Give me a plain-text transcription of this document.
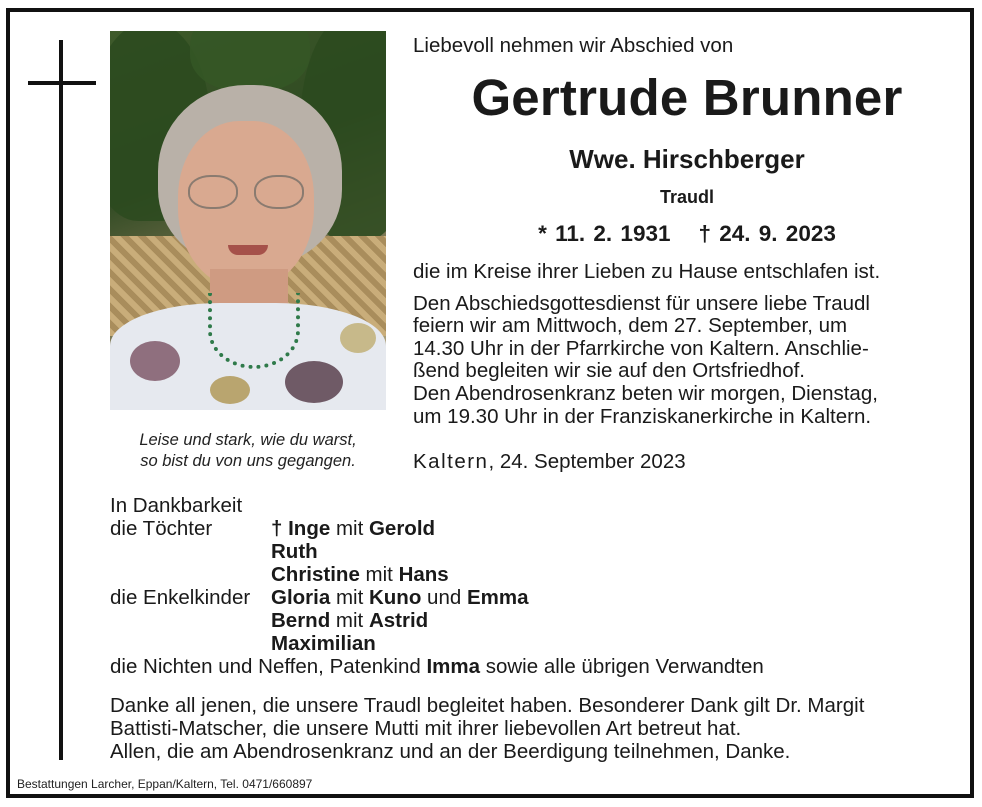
Leise und stark, wie du warst,
so bist du von uns gegangen.
Liebevoll nehmen wir Abschied von
Gertrude Brunner
Wwe. Hirschberger
Traudl
* 11. 2. 1931 † 24. 9. 2023
die im Kreise ihrer Lieben zu Hause entschlafen ist.
Den Abschiedsgottesdienst für unsere liebe Traudl
feiern wir am Mittwoch, dem 27. September, um
14.30 Uhr in der Pfarrkirche von Kaltern. Anschlie-
ßend begleiten wir sie auf den Ortsfriedhof.
Den Abendrosenkranz beten wir morgen, Dienstag,
um 19.30 Uhr in der Franziskanerkirche in Kaltern.
Kaltern, 24. September 2023
In Dankbarkeit
die Töchter	† Inge mit Gerold
Ruth
Christine mit Hans
die Enkelkinder	Gloria mit Kuno und Emma
Bernd mit Astrid
Maximilian
die Nichten und Neffen, Patenkind Imma sowie alle übrigen Verwandten

Danke all jenen, die unsere Traudl begleitet haben. Besonderer Dank gilt Dr. Margit

Battisti-Matscher, die unsere Mutti mit ihrer liebevollen Art betreut hat.

Allen, die am Abendrosenkranz und an der Beerdigung teilnehmen, Danke.

Bestattungen Larcher, Eppan/Kaltern, Tel. 0471/660897
